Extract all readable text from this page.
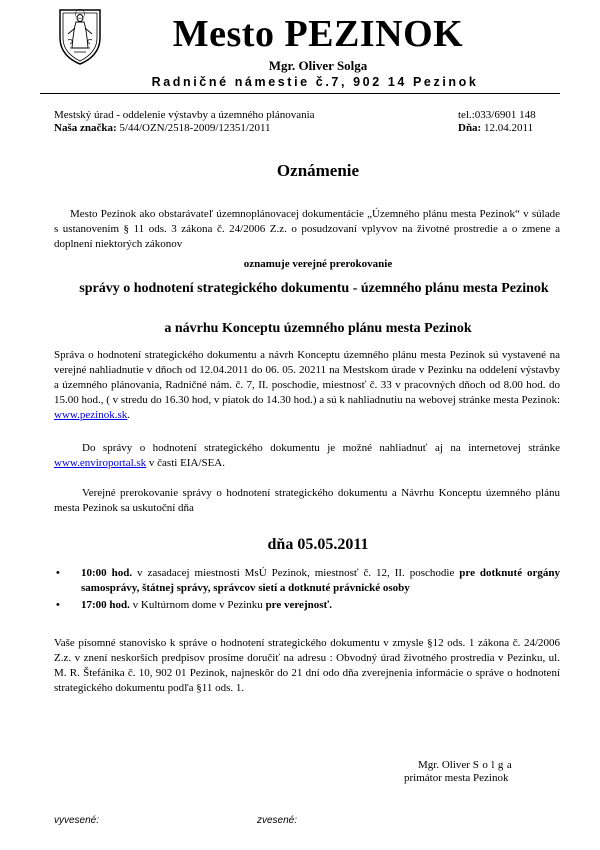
Mesto PEZINOK
Mgr. Oliver Solga
Radničné námestie č.7, 902 14 Pezinok
Mestský úrad - oddelenie výstavby a územného plánovania
Naša značka: 5/44/OZN/2518-2009/12351/2011
tel.:033/6901 148
Dňa: 12.04.2011
Oznámenie
Mesto Pezinok ako obstarávateľ územnoplánovacej dokumentácie „Územného plánu mesta Pezinok“ v súlade s ustanovením § 11 ods. 3 zákona č. 24/2006 Z.z. o posudzovaní vplyvov na životné prostredie a o zmene a doplnení niektorých zákonov
oznamuje verejné prerokovanie
správy o hodnotení strategického dokumentu - územného plánu mesta Pezinok
a návrhu Konceptu územného plánu mesta Pezinok
Správa o hodnotení strategického dokumentu a návrh Konceptu územného plánu mesta Pezinok sú vystavené na verejné nahliadnutie v dňoch od 12.04.2011 do 06. 05. 20211 na Mestskom úrade v Pezinku na oddelení výstavby a územného plánovania, Radničné nám. č. 7, II. poschodie, miestnosť č. 33 v pracovných dňoch od 8.00 hod. do 15.00 hod., ( v stredu do 16.30 hod, v piatok do 14.30 hod.) a sú k nahliadnutiu na webovej stránke mesta Pezinok: www.pezinok.sk.
Do správy o hodnotení strategického dokumentu je možné nahliadnuť aj na internetovej stránke www.enviroportal.sk v časti EIA/SEA.
Verejné prerokovanie správy o hodnotení strategického dokumentu a Návrhu Konceptu územného plánu mesta Pezinok sa uskutoční dňa
dňa 05.05.2011
• 10:00 hod. v zasadacej miestnosti MsÚ Pezinok, miestnosť č. 12, II. poschodie pre dotknuté orgány samosprávy, štátnej správy, správcov sietí a dotknuté právnické osoby
• 17:00 hod. v Kultúrnom dome v Pezinku pre verejnosť.
Vaše písomné stanovisko k správe o hodnotení strategického dokumentu v zmysle §12 ods. 1 zákona č. 24/2006 Z.z. v znení neskorších predpisov prosíme doručiť na adresu : Obvodný úrad životného prostredia v Pezinku, ul. M. R. Štefánika č. 10, 902 01 Pezinok, najneskôr do 21 dní odo dňa zverejnenia informácie o správe o hodnotení strategického dokumentu podľa §11 ods. 1.
Mgr. Oliver Solga
primátor mesta Pezinok
vyvesené:	zvesené:
